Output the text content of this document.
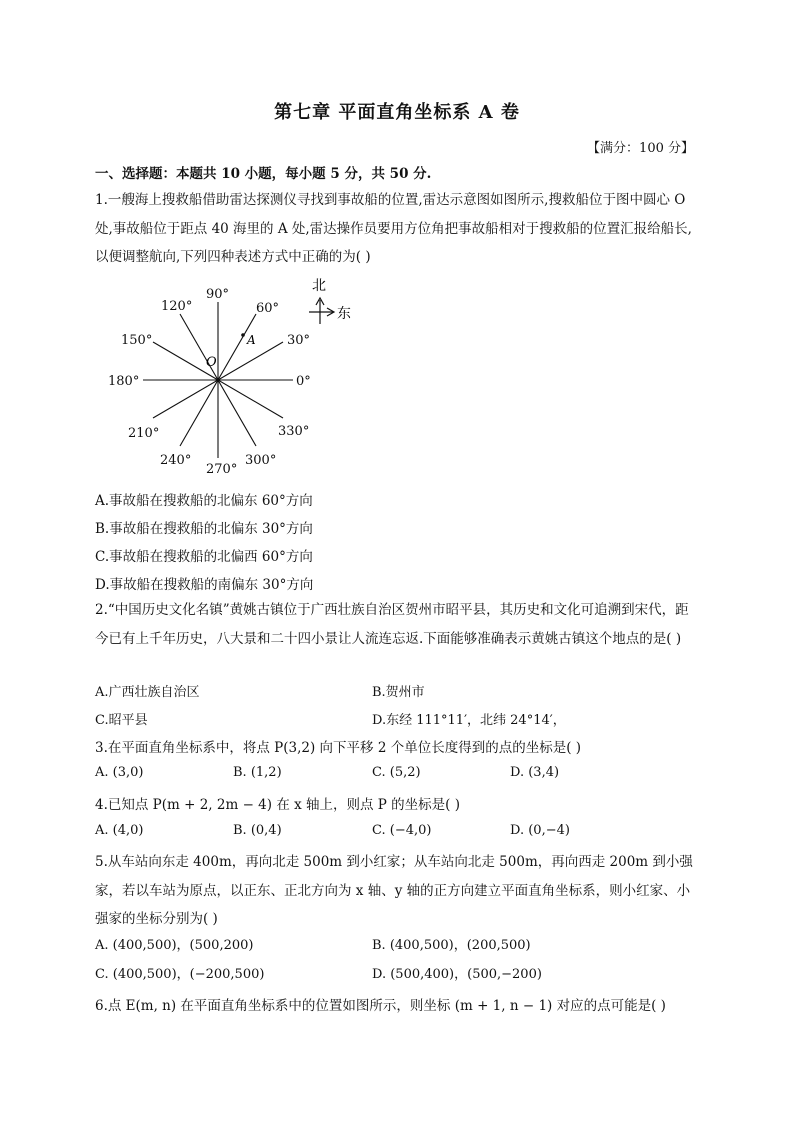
第七章 平面直角坐标系 A 卷
【满分：100 分】
一、选择题：本题共 10 小题，每小题 5 分，共 50 分.
1.一艘海上搜救船借助雷达探测仪寻找到事故船的位置,雷达示意图如图所示,搜救船位于图中圆心 O 处,事故船位于距点 40 海里的 A 处,雷达操作员要用方位角把事故船相对于搜救船的位置汇报给船长,以便调整航向,下列四种表述方式中正确的为( )
0°
30°
60°
90°
120°
150°
180°
210°
240°
270°
300°
330°
O
A
北
东
A.事故船在搜救船的北偏东 60°方向
B.事故船在搜救船的北偏东 30°方向
C.事故船在搜救船的北偏西 60°方向
D.事故船在搜救船的南偏东 30°方向
2.“中国历史文化名镇”黄姚古镇位于广西壮族自治区贺州市昭平县，其历史和文化可追溯到宋代，距今已有上千年历史，八大景和二十四小景让人流连忘返.下面能够准确表示黄姚古镇这个地点的是( )
A.广西壮族自治区	B.贺州市
C.昭平县	D.东经 111°11′，北纬 24°14′，
3.在平面直角坐标系中，将点 P(3,2) 向下平移 2 个单位长度得到的点的坐标是( )
A. (3,0)	B. (1,2)	C. (5,2)	D. (3,4)
4.已知点 P(m + 2, 2m − 4) 在 x 轴上，则点 P 的坐标是( )
A. (4,0)	B. (0,4)	C. (−4,0)	D. (0,−4)
5.从车站向东走 400m，再向北走 500m 到小红家；从车站向北走 500m，再向西走 200m 到小强家，若以车站为原点，以正东、正北方向为 x 轴、y 轴的正方向建立平面直角坐标系，则小红家、小强家的坐标分别为( )
A. (400,500)，(500,200)	B. (400,500)，(200,500)
C. (400,500)，(−200,500)	D. (500,400)，(500,−200)
6.点 E(m, n) 在平面直角坐标系中的位置如图所示，则坐标 (m + 1, n − 1) 对应的点可能是( )
